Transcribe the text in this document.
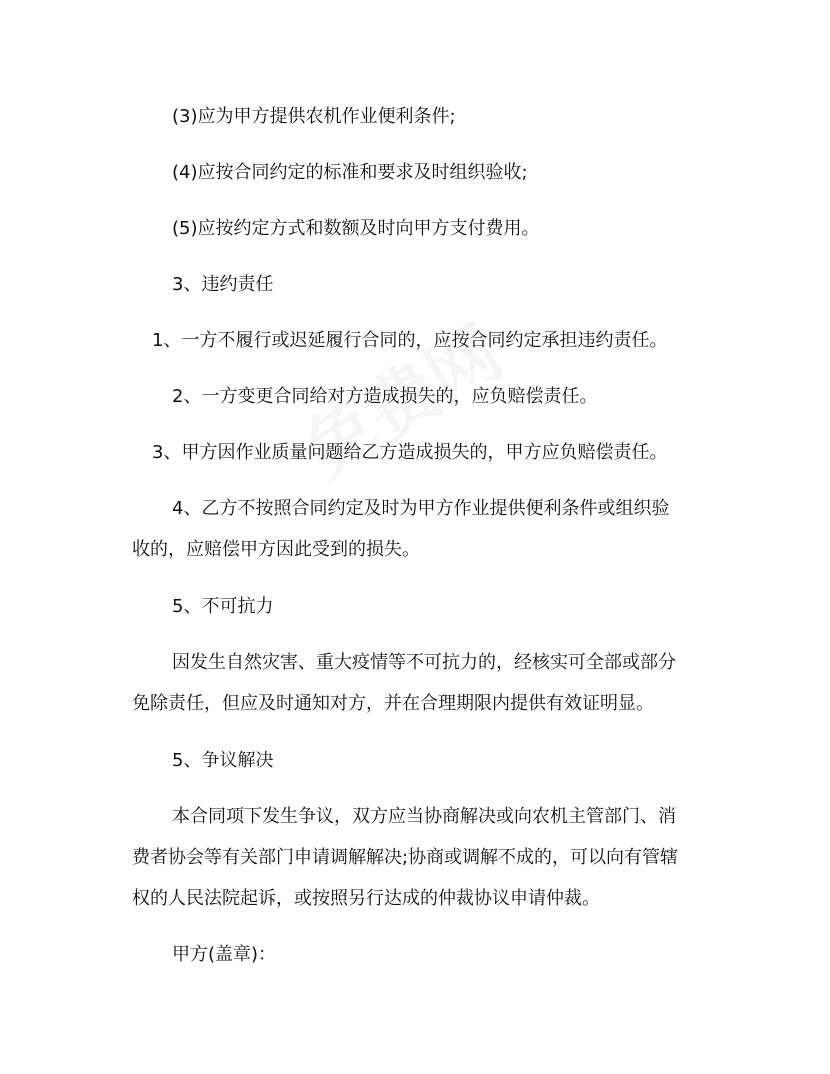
(3)应为甲方提供农机作业便利条件;
(4)应按合同约定的标准和要求及时组织验收;
(5)应按约定方式和数额及时向甲方支付费用。
3、违约责任
1、一方不履行或迟延履行合同的，应按合同约定承担违约责任。
2、一方变更合同给对方造成损失的，应负赔偿责任。
3、甲方因作业质量问题给乙方造成损失的，甲方应负赔偿责任。
4、乙方不按照合同约定及时为甲方作业提供便利条件或组织验
收的，应赔偿甲方因此受到的损失。
5、不可抗力
因发生自然灾害、重大疫情等不可抗力的，经核实可全部或部分
免除责任，但应及时通知对方，并在合理期限内提供有效证明显。
5、争议解决
本合同项下发生争议，双方应当协商解决或向农机主管部门、消
费者协会等有关部门申请调解解决;协商或调解不成的，可以向有管辖
权的人民法院起诉，或按照另行达成的仲裁协议申请仲裁。
甲方(盖章)：
